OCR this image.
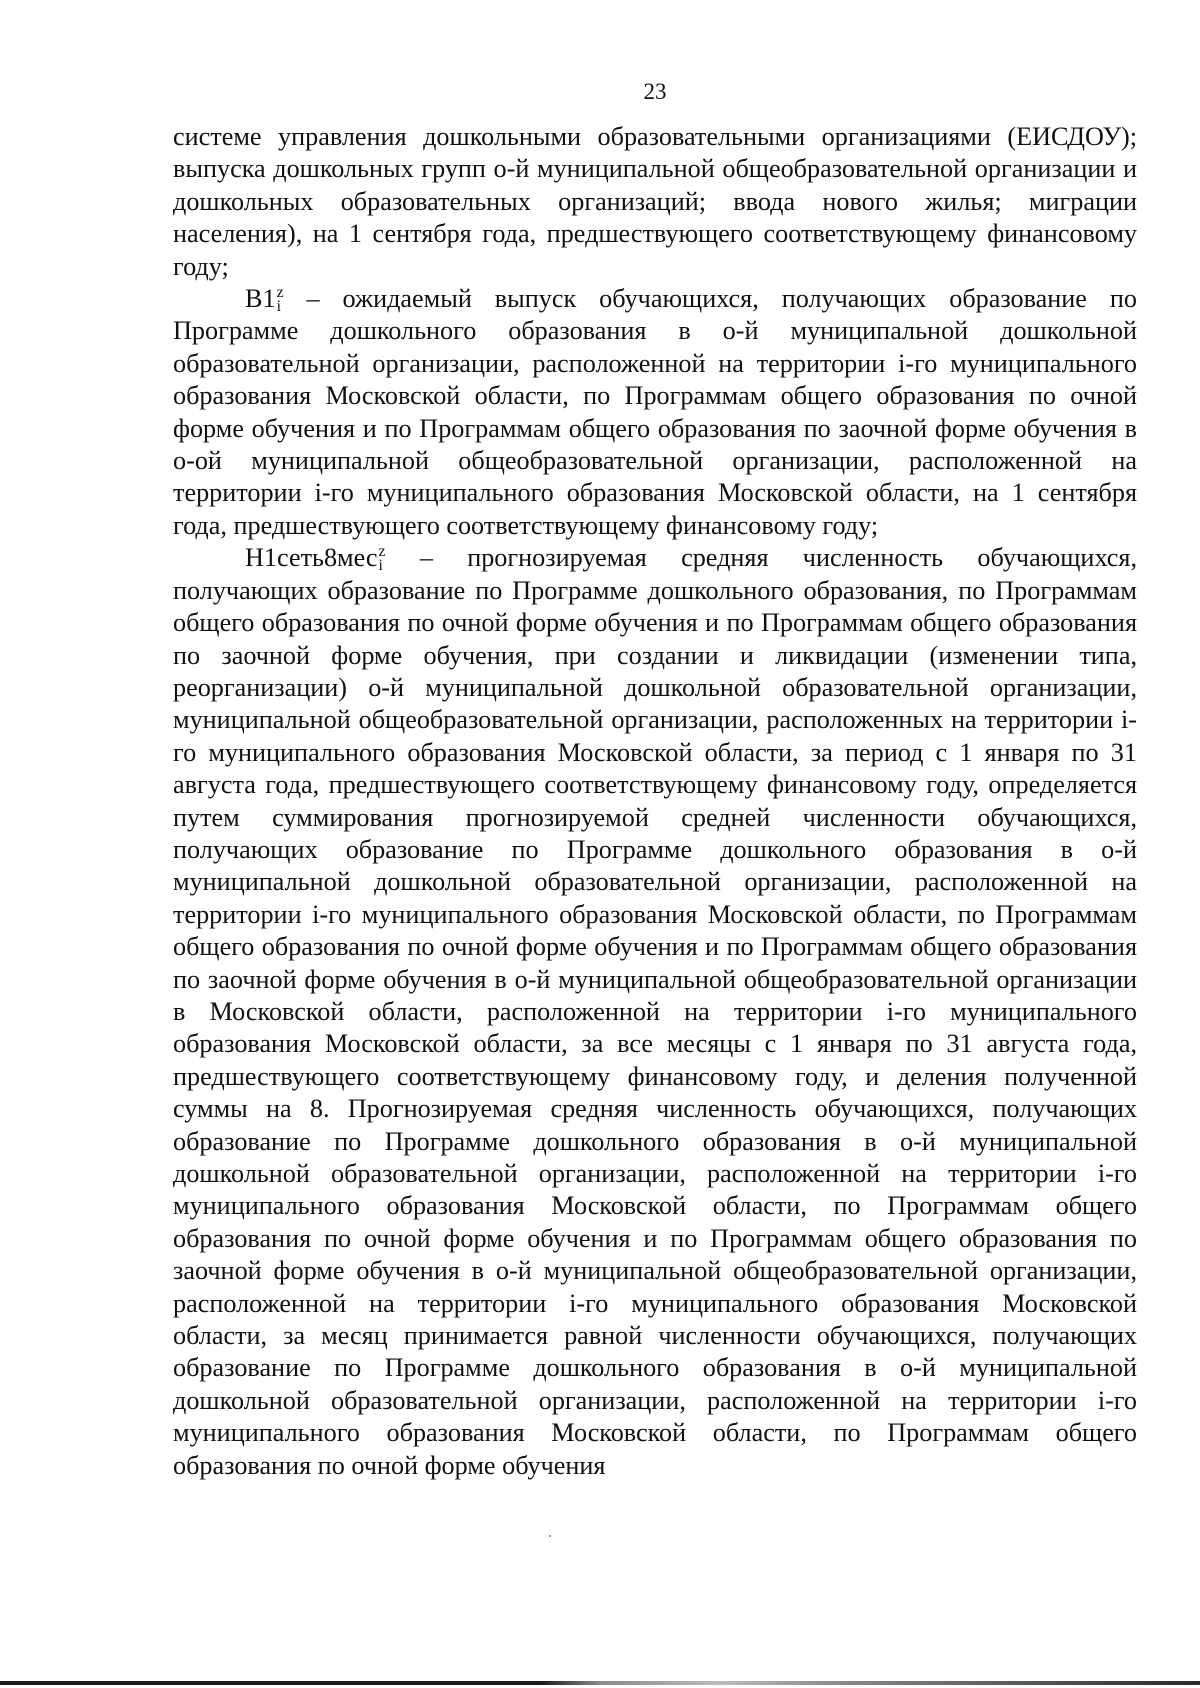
23

системе управления дошкольными образовательными организациями (ЕИСДОУ); выпуска дошкольных групп о-й муниципальной общеобразовательной организации и дошкольных образовательных организаций; ввода нового жилья; миграции населения), на 1 сентября года, предшествующего соответствующему финансовому году;

В1 z
i – ожидаемый выпуск обучающихся, получающих образование по Программе дошкольного образования в о-й муниципальной дошкольной образовательной организации, расположенной на территории i-го муниципального образования Московской области, по Программам общего образования по очной форме обучения и по Программам общего образования по заочной форме обучения в о-ой муниципальной общеобразовательной организации, расположенной на территории i-го муниципального образования Московской области, на 1 сентября года, предшествующего соответствующему финансовому году;

Н1сеть8мес z
i – прогнозируемая средняя численность обучающихся, получающих образование по Программе дошкольного образования, по Программам общего образования по очной форме обучения и по Программам общего образования по заочной форме обучения, при создании и ликвидации (изменении типа, реорганизации) о-й муниципальной дошкольной образовательной организации, муниципальной общеобразовательной организации, расположенных на территории i-го муниципального образования Московской области, за период с 1 января по 31 августа года, предшествующего соответствующему финансовому году, определяется путем суммирования прогнозируемой средней численности обучающихся, получающих образование по Программе дошкольного образования в о-й муниципальной дошкольной образовательной организации, расположенной на территории i-го муниципального образования Московской области, по Программам общего образования по очной форме обучения и по Программам общего образования по заочной форме обучения в о-й муниципальной общеобразовательной организации в Московской области, расположенной на территории i-го муниципального образования Московской области, за все месяцы с 1 января по 31 августа года, предшествующего соответствующему финансовому году, и деления полученной суммы на 8. Прогнозируемая средняя численность обучающихся, получающих образование по Программе дошкольного образования в о-й муниципальной дошкольной образовательной организации, расположенной на территории i-го муниципального образования Московской области, по Программам общего образования по очной форме обучения и по Программам общего образования по заочной форме обучения в о-й муниципальной общеобразовательной организации, расположенной на территории i-го муниципального образования Московской области, за месяц принимается равной численности обучающихся, получающих образование по Программе дошкольного образования в о-й муниципальной дошкольной образовательной организации, расположенной на территории i-го муниципального образования Московской области, по Программам общего образования по очной форме обучения
